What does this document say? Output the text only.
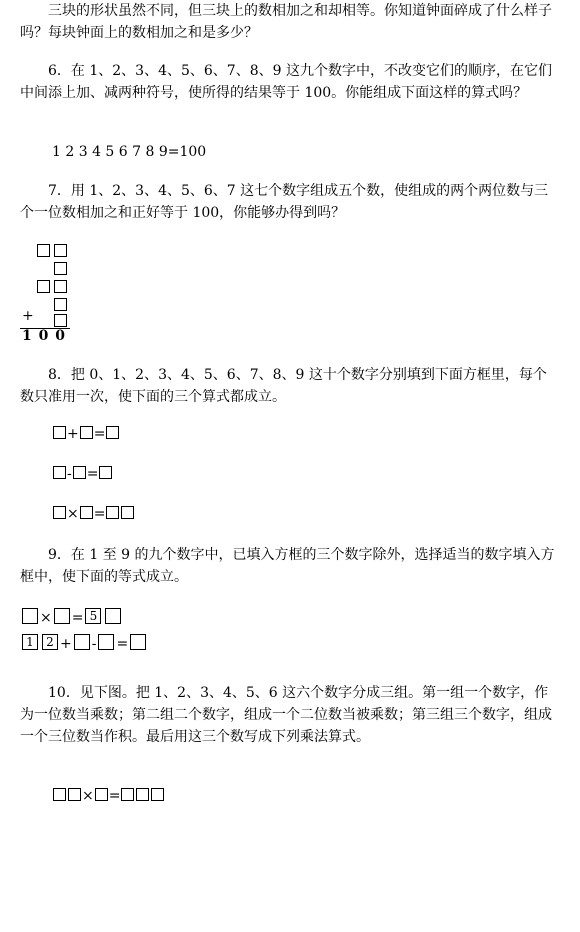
三块的形状虽然不同，但三块上的数相加之和却相等。你知道钟面碎成了什么样子吗？每块钟面上的数相加之和是多少？

6．在 1、2、3、4、5、6、7、8、9 这九个数字中，不改变它们的顺序，在它们中间添上加、减两种符号，使所得的结果等于 100。你能组成下面这样的算式吗？

1 2 3 4 5 6 7 8 9=100

7．用 1、2、3、4、5、6、7 这七个数字组成五个数，使组成的两个两位数与三个一位数相加之和正好等于 100，你能够办得到吗？

+
1 0 0

8．把 0、1、2、3、4、5、6、7、8、9 这十个数字分别填到下面方框里，每个数只准用一次，使下面的三个算式都成立。

+ =
- =
× =

9．在 1 至 9 的九个数字中，已填入方框的三个数字除外，选择适当的数字填入方框中，使下面的等式成立。

× = 5
1 2 + - =

10．见下图。把 1、2、3、4、5、6 这六个数字分成三组。第一组一个数字，作为一位数当乘数；第二组二个数字，组成一个二位数当被乘数；第三组三个数字，组成一个三位数当作积。最后用这三个数写成下列乘法算式。

× =
